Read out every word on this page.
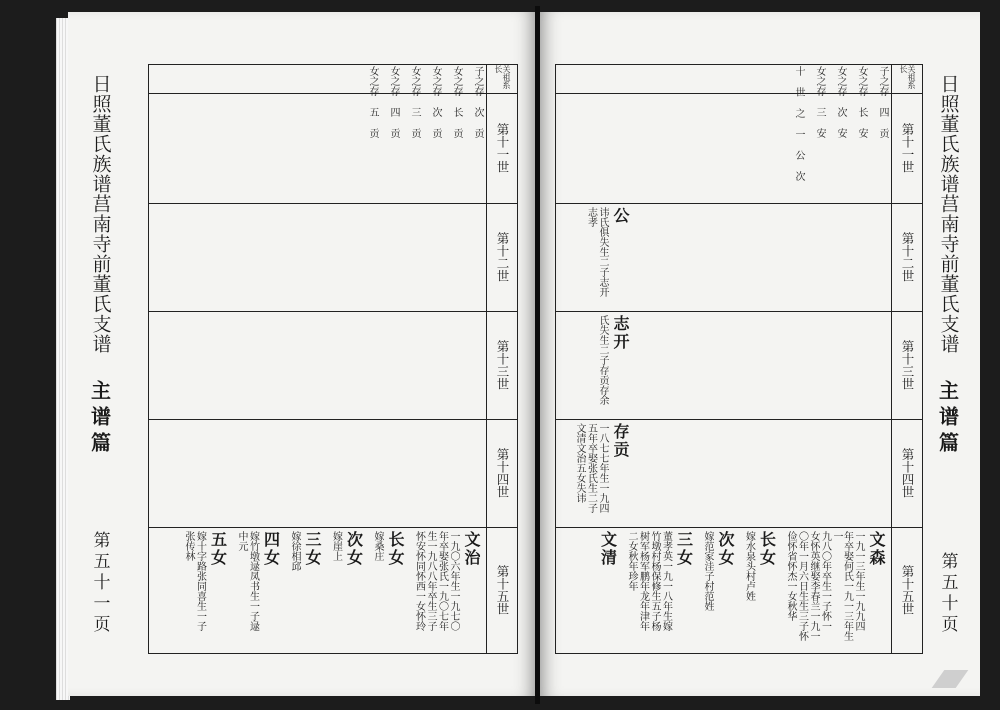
日照董氏族谱莒南寺前董氏支谱
主谱篇
第五十一页
子之存 次 贡
女之存 长 贡
女之存 次 贡
女之存 三 贡
女之存 四 贡
女之存 五 贡	关祖系长
第十一世
第十二世
第十三世
第十四世
第十五世
文治
一九〇六年生一九七〇
年卒娶张氏一九〇七年
生一九八八年卒生三子
怀安怀同怀西一女怀玲
长女
嫁桑庄
次女
嫁崖上
三女
嫁徐相邱
四女
嫁竹墩逯凤书生一子逯
中元
五女
嫁十字路张同喜生一子
张传林
日照董氏族谱莒南寺前董氏支谱
主谱篇
第五十页
子之存 四 贡
女之存 长 安
女之存 次 安
女之存 三 安
十 世 之 一 公 次	关祖系长
第十一世
第十二世
公
讳氏俱失生二子志开
志孝
第十三世
志开
氏失生二子存贡存余
第十四世
存贡
一八七七年生一九四
五年卒娶张氏生二子
文清文治五女失讳
第十五世
文森
一九一三年生一九九四
年卒娶何氏一九一三年生一
九八〇年卒生一子怀一
女怀英继娶李春兰一九一
〇年一月六日生生三子怀
俭怀省怀杰一女秋华
长女
嫁水泉头村卢姓
次女
嫁范家洼子村范姓
三女
董孝英一九一八年生嫁
竹墩村杨保修生五子杨
树军杨军鹏年龙年津年
二女秋年珍年
文清
